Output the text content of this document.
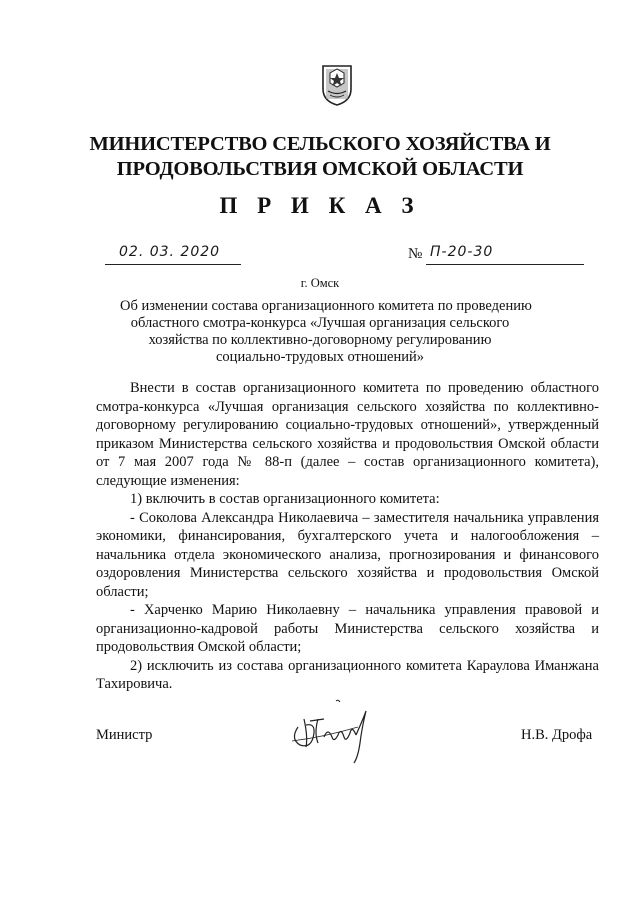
МИНИСТЕРСТВО СЕЛЬСКОГО ХОЗЯЙСТВА И
ПРОДОВОЛЬСТВИЯ ОМСКОЙ ОБЛАСТИ
П Р И К А З
02. 03. 2020	№ П-20-30
г. Омск
Об изменении состава организационного комитета по проведению
областного смотра-конкурса «Лучшая организация сельского
хозяйства по коллективно-договорному регулированию
социально-трудовых отношений»

Внести в состав организационного комитета по проведению областного смотра-конкурса «Лучшая организация сельского хозяйства по коллективно-договорному регулированию социально-трудовых отношений», утвержденный приказом Министерства сельского хозяйства и продовольствия Омской области от 7 мая 2007 года № 88-п (далее – состав организационного комитета), следующие изменения:

1) включить в состав организационного комитета:

- Соколова Александра Николаевича – заместителя начальника управления экономики, финансирования, бухгалтерского учета и налогообложения – начальника отдела экономического анализа, прогнозирования и финансового оздоровления Министерства сельского хозяйства и продовольствия Омской области;

- Харченко Марию Николаевну – начальника управления правовой и организационно-кадровой работы Министерства сельского хозяйства и продовольствия Омской области;

2) исключить из состава организационного комитета Караулова Иманжана Тахировича.

Министр	Н.В. Дрофа
